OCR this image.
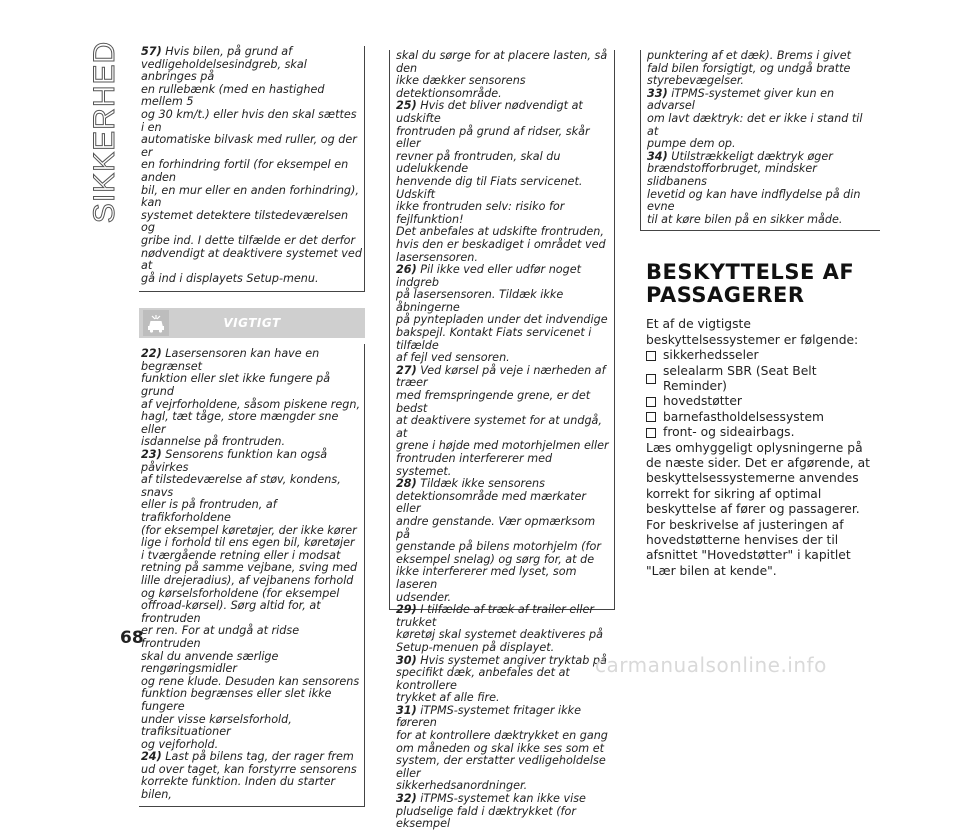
SIKKERHED 57) Hvis bilen, på grund af
vedligeholdelsesindgreb, skal anbringes på
en rullebænk (med en hastighed mellem 5
og 30 km/t.) eller hvis den skal sættes i en
automatiske bilvask med ruller, og der er
en forhindring fortil (for eksempel en anden
bil, en mur eller en anden forhindring), kan
systemet detektere tilstedeværelsen og
gribe ind. I dette tilfælde er det derfor
nødvendigt at deaktivere systemet ved at
gå ind i displayets Setup-menu.

VIGTIGT

22) Lasersensoren kan have en begrænset
funktion eller slet ikke fungere på grund
af vejrforholdene, såsom piskene regn,
hagl, tæt tåge, store mængder sne eller
isdannelse på frontruden.

23) Sensorens funktion kan også påvirkes
af tilstedeværelse af støv, kondens, snavs
eller is på frontruden, af trafikforholdene
(for eksempel køretøjer, der ikke kører
lige i forhold til ens egen bil, køretøjer
i tværgående retning eller i modsat
retning på samme vejbane, sving med
lille drejeradius), af vejbanens forhold
og kørselsforholdene (for eksempel
offroad-kørsel). Sørg altid for, at frontruden
er ren. For at undgå at ridse frontruden
skal du anvende særlige rengøringsmidler
og rene klude. Desuden kan sensorens
funktion begrænses eller slet ikke fungere
under visse kørselsforhold, trafiksituationer
og vejforhold.

24) Last på bilens tag, der rager frem
ud over taget, kan forstyrre sensorens
korrekte funktion. Inden du starter bilen,

skal du sørge for at placere lasten, så den
ikke dækker sensorens detektionsområde.

25) Hvis det bliver nødvendigt at udskifte
frontruden på grund af ridser, skår eller
revner på frontruden, skal du udelukkende
henvende dig til Fiats servicenet. Udskift
ikke frontruden selv: risiko for fejlfunktion!
Det anbefales at udskifte frontruden,
hvis den er beskadiget i området ved
lasersensoren.

26) Pil ikke ved eller udfør noget indgreb
på lasersensoren. Tildæk ikke åbningerne
på pyntepladen under det indvendige
bakspejl. Kontakt Fiats servicenet i tilfælde
af fejl ved sensoren.

27) Ved kørsel på veje i nærheden af træer
med fremspringende grene, er det bedst
at deaktivere systemet for at undgå, at
grene i højde med motorhjelmen eller
frontruden interfererer med systemet.

28) Tildæk ikke sensorens
detektionsområde med mærkater eller
andre genstande. Vær opmærksom på
genstande på bilens motorhjelm (for
eksempel snelag) og sørg for, at de
ikke interfererer med lyset, som laseren
udsender.

29) I tilfælde af træk af trailer eller trukket
køretøj skal systemet deaktiveres på
Setup-menuen på displayet.

30) Hvis systemet angiver tryktab på
specifikt dæk, anbefales det at kontrollere
trykket af alle fire.

31) iTPMS-systemet fritager ikke føreren
for at kontrollere dæktrykket en gang
om måneden og skal ikke ses som et
system, der erstatter vedligeholdelse eller
sikkerhedsanordninger.

32) iTPMS-systemet kan ikke vise
pludselige fald i dæktrykket (for eksempel

punktering af et dæk). Brems i givet
fald bilen forsigtigt, og undgå bratte
styrebevægelser.

33) iTPMS-systemet giver kun en advarsel
om lavt dæktryk: det er ikke i stand til at
pumpe dem op.

34) Utilstrækkeligt dæktryk øger
brændstofforbruget, mindsker slidbanens
levetid og kan have indflydelse på din evne
til at køre bilen på en sikker måde.

BESKYTTELSE AF
PASSAGERER

Et af de vigtigste beskyttelsessystemer er følgende:

sikkerhedsseler
selealarm SBR (Seat Belt Reminder)
hovedstøtter
barnefastholdelsessystem
front- og sideairbags.

Læs omhyggeligt oplysningerne på de næste sider. Det er afgørende, at beskyttelsessystemerne anvendes korrekt for sikring af optimal beskyttelse af fører og passagerer.

For beskrivelse af justeringen af hovedstøtterne henvises der til afsnittet "Hovedstøtter" i kapitlet "Lær bilen at kende".

68
carmanualsonline.info
